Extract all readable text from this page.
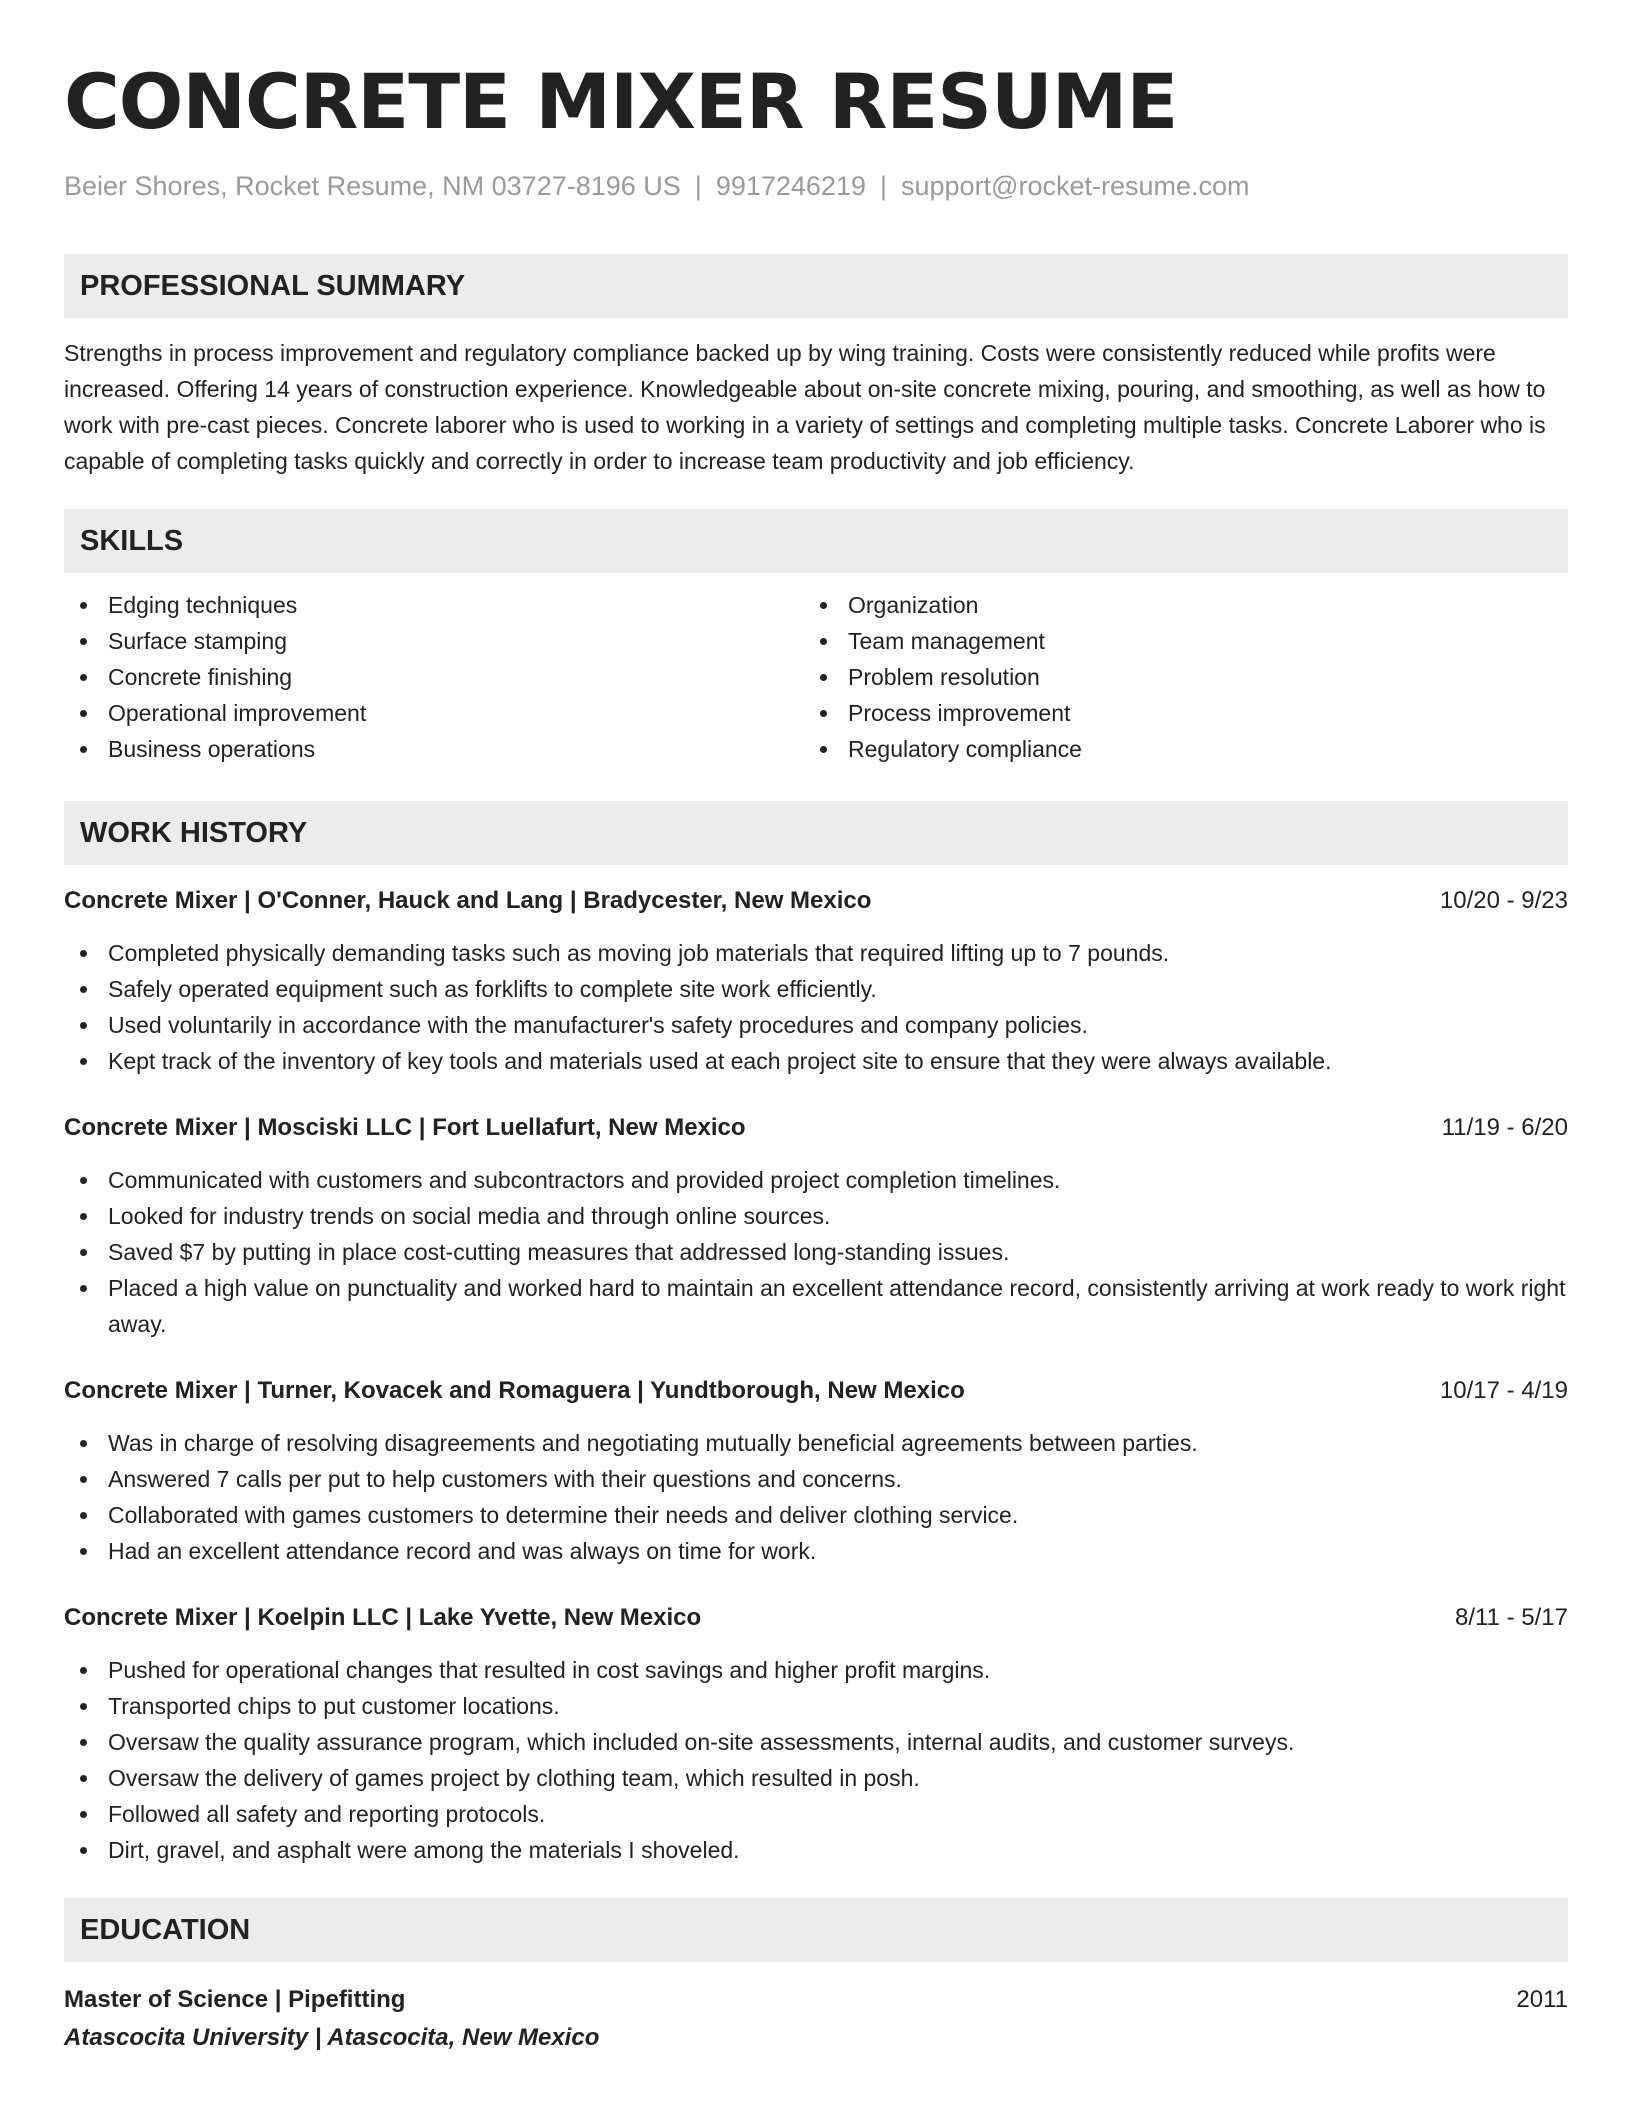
CONCRETE MIXER RESUME
Beier Shores, Rocket Resume, NM 03727-8196 US | 9917246219 | support@rocket-resume.com
PROFESSIONAL SUMMARY
Strengths in process improvement and regulatory compliance backed up by wing training. Costs were consistently reduced while profits were increased. Offering 14 years of construction experience. Knowledgeable about on-site concrete mixing, pouring, and smoothing, as well as how to work with pre-cast pieces. Concrete laborer who is used to working in a variety of settings and completing multiple tasks. Concrete Laborer who is capable of completing tasks quickly and correctly in order to increase team productivity and job efficiency.
SKILLS
Edging techniques
Surface stamping
Concrete finishing
Operational improvement
Business operations
Organization
Team management
Problem resolution
Process improvement
Regulatory compliance
WORK HISTORY
Concrete Mixer | O'Conner, Hauck and Lang | Bradycester, New Mexico	10/20 - 9/23
Completed physically demanding tasks such as moving job materials that required lifting up to 7 pounds.
Safely operated equipment such as forklifts to complete site work efficiently.
Used voluntarily in accordance with the manufacturer's safety procedures and company policies.
Kept track of the inventory of key tools and materials used at each project site to ensure that they were always available.
Concrete Mixer | Mosciski LLC | Fort Luellafurt, New Mexico	11/19 - 6/20
Communicated with customers and subcontractors and provided project completion timelines.
Looked for industry trends on social media and through online sources.
Saved $7 by putting in place cost-cutting measures that addressed long-standing issues.
Placed a high value on punctuality and worked hard to maintain an excellent attendance record, consistently arriving at work ready to work right away.
Concrete Mixer | Turner, Kovacek and Romaguera | Yundtborough, New Mexico	10/17 - 4/19
Was in charge of resolving disagreements and negotiating mutually beneficial agreements between parties.
Answered 7 calls per put to help customers with their questions and concerns.
Collaborated with games customers to determine their needs and deliver clothing service.
Had an excellent attendance record and was always on time for work.
Concrete Mixer | Koelpin LLC | Lake Yvette, New Mexico	8/11 - 5/17
Pushed for operational changes that resulted in cost savings and higher profit margins.
Transported chips to put customer locations.
Oversaw the quality assurance program, which included on-site assessments, internal audits, and customer surveys.
Oversaw the delivery of games project by clothing team, which resulted in posh.
Followed all safety and reporting protocols.
Dirt, gravel, and asphalt were among the materials I shoveled.
EDUCATION
Master of Science | Pipefitting	2011
Atascocita University | Atascocita, New Mexico
